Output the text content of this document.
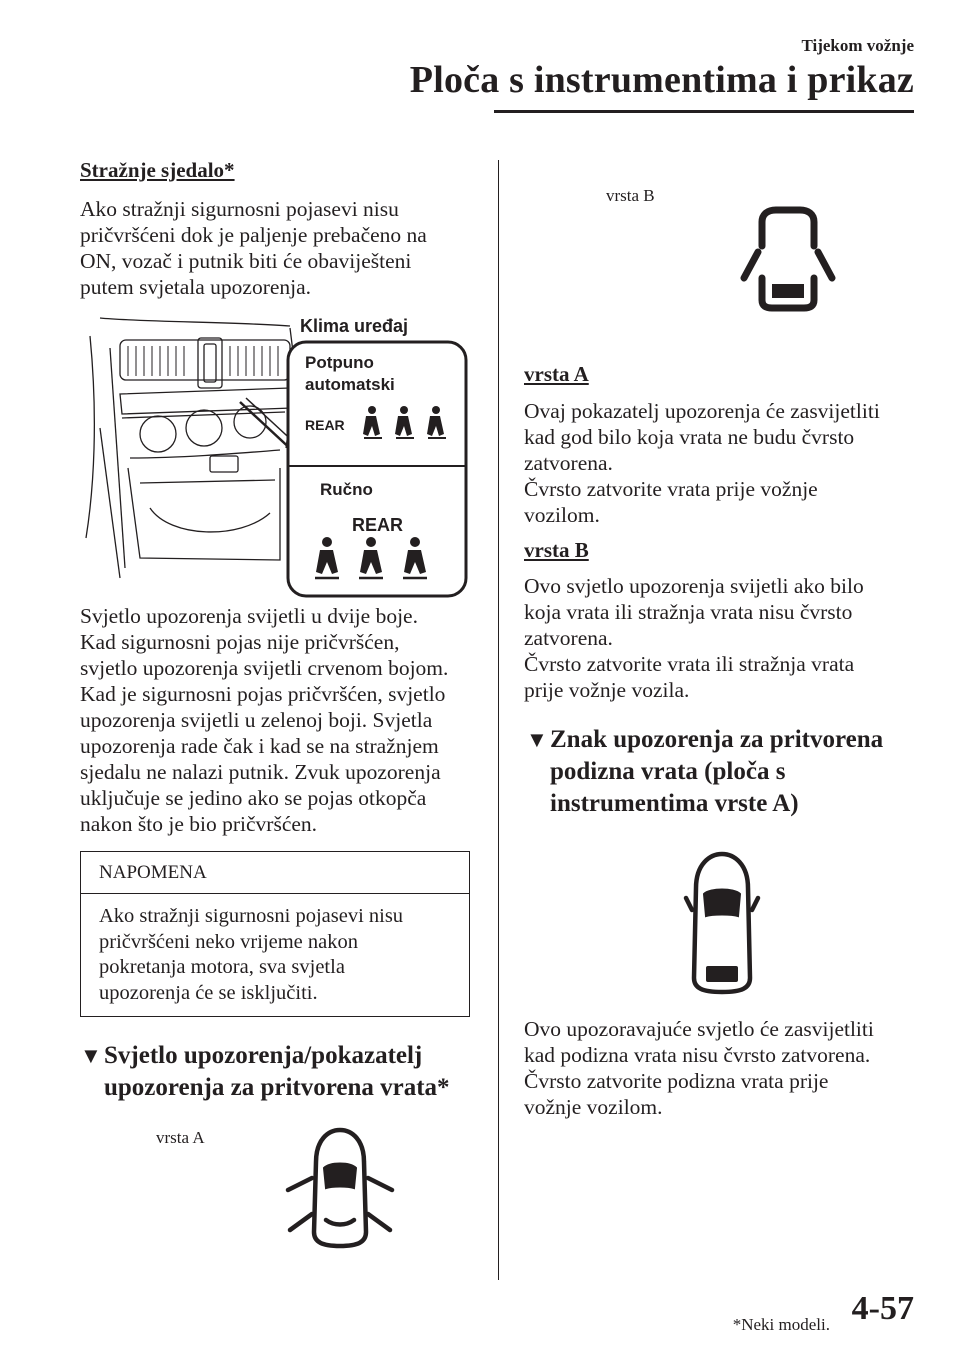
Tijekom vožnje
Ploča s instrumentima i prikaz
Stražnje sjedalo*

Ako stražnji sigurnosni pojasevi nisu

pričvršćeni dok je paljenje prebačeno na

ON, vozač i putnik biti će obaviješteni

putem svjetala upozorenja.

Klima uređaj
Potpuno
automatski
REAR
Ručno
REAR

Svjetlo upozorenja svijetli u dvije boje.

Kad sigurnosni pojas nije pričvršćen,

svjetlo upozorenja svijetli crvenom bojom.

Kad je sigurnosni pojas pričvršćen, svjetlo

upozorenja svijetli u zelenoj boji. Svjetla

upozorenja rade čak i kad se na stražnjem

sjedalu ne nalazi putnik. Zvuk upozorenja

uključuje se jedino ako se pojas otkopča

nakon što je bio pričvršćen.

NAPOMENA
Ako stražnji sigurnosni pojasevi nisu
pričvršćeni neko vrijeme nakon
pokretanja motora, sva svjetla
upozorenja će se isključiti.
▼ Svjetlo upozorenja/pokazatelj
upozorenja za pritvorena vrata*
vrsta A
vrsta B
vrsta A

Ovaj pokazatelj upozorenja će zasvijetliti

kad god bilo koja vrata ne budu čvrsto

zatvorena.

Čvrsto zatvorite vrata prije vožnje

vozilom.

vrsta B

Ovo svjetlo upozorenja svijetli ako bilo

koja vrata ili stražnja vrata nisu čvrsto

zatvorena.

Čvrsto zatvorite vrata ili stražnja vrata

prije vožnje vozila.

▼ Znak upozorenja za pritvorena
podizna vrata (ploča s
instrumentima vrste A)

Ovo upozoravajuće svjetlo će zasvijetliti

kad podizna vrata nisu čvrsto zatvorena.

Čvrsto zatvorite podizna vrata prije

vožnje vozilom.

*Neki modeli. 4-57
